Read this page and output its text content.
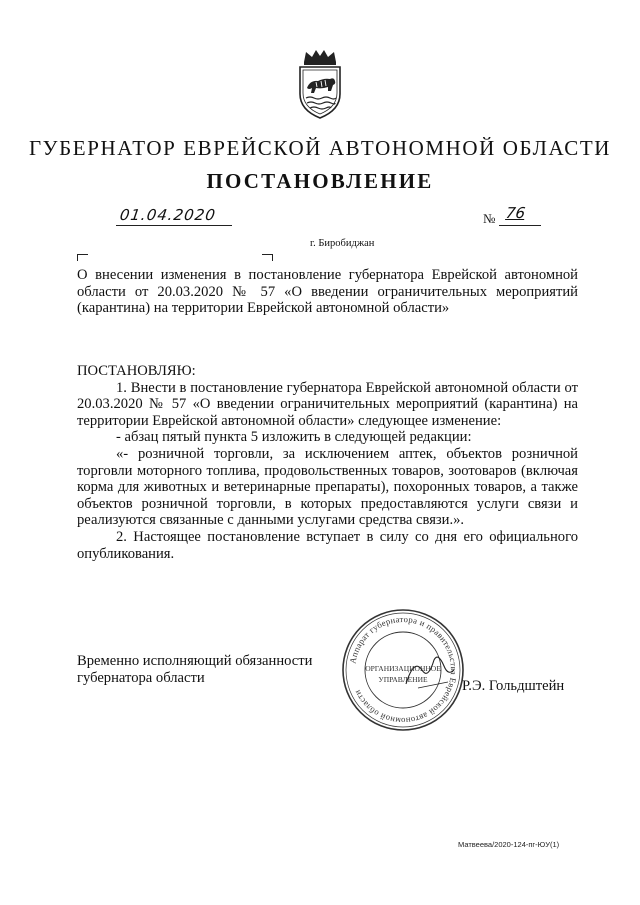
ГУБЕРНАТОР ЕВРЕЙСКОЙ АВТОНОМНОЙ ОБЛАСТИ
ПОСТАНОВЛЕНИЕ
01.04.2020	№ 76
г. Биробиджан

О внесении изменения в постановление губернатора Еврейской автономной

области от 20.03.2020 № 57 «О введении ограничительных мероприятий

(карантина) на территории Еврейской автономной области»

ПОСТАНОВЛЯЮ:

1. Внести в постановление губернатора Еврейской автономной области от 20.03.2020 № 57 «О введении ограничительных мероприятий (карантина) на территории Еврейской автономной области» следующее изменение:

- абзац пятый пункта 5 изложить в следующей редакции:

«- розничной торговли, за исключением аптек, объектов розничной торговли моторного топлива, продовольственных товаров, зоотоваров (включая корма для животных и ветеринарные препараты), похоронных товаров, а также объектов розничной торговли, в которых предоставляются услуги связи и реализуются связанные с данными услугами средства связи.».

2. Настоящее постановление вступает в силу со дня его официального опубликования.

Временно исполняющий обязанности

губернатора области

Аппарат губернатора и правительства Еврейской автономной области
ОРГАНИЗАЦИОННОЕ
УПРАВЛЕНИЕ Р.Э. Гольдштейн
Матвеева/2020-124-пг-ЮУ(1)
